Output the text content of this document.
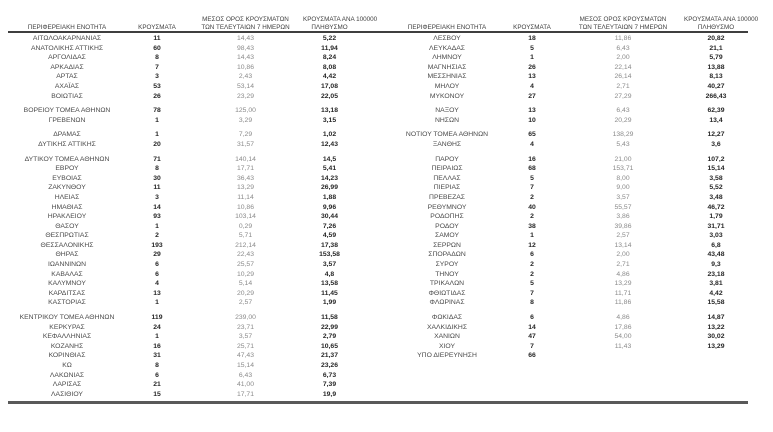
ΠΕΡΙΦΕΡΕΙΑΚΗ ΕΝΟΤΗΤΑ	ΚΡΟΥΣΜΑΤΑ
ΜΕΣΟΣ ΟΡΟΣ ΚΡΟΥΣΜΑΤΩΝ
ΤΩΝ ΤΕΛΕΥΤΑΙΩΝ 7 ΗΜΕΡΩΝ
ΚΡΟΥΣΜΑΤΑ ΑΝΑ 100000
ΠΛΗΘΥΣΜΟ
ΑΙΤΩΛΟΑΚΑΡΝΑΝΙΑΣ	11	14,43	5,22
ΑΝΑΤΟΛΙΚΗΣ ΑΤΤΙΚΗΣ	60	98,43	11,94
ΑΡΓΟΛΙΔΑΣ	8	14,43	8,24
ΑΡΚΑΔΙΑΣ	7	10,86	8,08
ΑΡΤΑΣ	3	2,43	4,42
ΑΧΑΪΑΣ	53	53,14	17,08
ΒΟΙΩΤΙΑΣ	26	23,29	22,05
ΒΟΡΕΙΟΥ ΤΟΜΕΑ ΑΘΗΝΩΝ	78	125,00	13,18
ΓΡΕΒΕΝΩΝ	1	3,29	3,15
ΔΡΑΜΑΣ	1	7,29	1,02
ΔΥΤΙΚΗΣ ΑΤΤΙΚΗΣ	20	31,57	12,43
ΔΥΤΙΚΟΥ ΤΟΜΕΑ ΑΘΗΝΩΝ	71	140,14	14,5
ΕΒΡΟΥ	8	17,71	5,41
ΕΥΒΟΙΑΣ	30	36,43	14,23
ΖΑΚΥΝΘΟΥ	11	13,29	26,99
ΗΛΕΙΑΣ	3	11,14	1,88
ΗΜΑΘΙΑΣ	14	10,86	9,96
ΗΡΑΚΛΕΙΟΥ	93	103,14	30,44
ΘΑΣΟΥ	1	0,29	7,26
ΘΕΣΠΡΩΤΙΑΣ	2	5,71	4,59
ΘΕΣΣΑΛΟΝΙΚΗΣ	193	212,14	17,38
ΘΗΡΑΣ	29	22,43	153,58
ΙΩΑΝΝΙΝΩΝ	6	25,57	3,57
ΚΑΒΑΛΑΣ	6	10,29	4,8
ΚΑΛΥΜΝΟΥ	4	5,14	13,58
ΚΑΡΔΙΤΣΑΣ	13	20,29	11,45
ΚΑΣΤΟΡΙΑΣ	1	2,57	1,99
ΚΕΝΤΡΙΚΟΥ ΤΟΜΕΑ ΑΘΗΝΩΝ	119	239,00	11,58
ΚΕΡΚΥΡΑΣ	24	23,71	22,99
ΚΕΦΑΛΛΗΝΙΑΣ	1	3,57	2,79
ΚΟΖΑΝΗΣ	16	25,71	10,65
ΚΟΡΙΝΘΙΑΣ	31	47,43	21,37
ΚΩ	8	15,14	23,26
ΛΑΚΩΝΙΑΣ	6	6,43	6,73
ΛΑΡΙΣΑΣ	21	41,00	7,39
ΛΑΣΙΘΙΟΥ	15	17,71	19,9
ΠΕΡΙΦΕΡΕΙΑΚΗ ΕΝΟΤΗΤΑ	ΚΡΟΥΣΜΑΤΑ
ΜΕΣΟΣ ΟΡΟΣ ΚΡΟΥΣΜΑΤΩΝ
ΤΩΝ ΤΕΛΕΥΤΑΙΩΝ 7 ΗΜΕΡΩΝ
ΚΡΟΥΣΜΑΤΑ ΑΝΑ 100000
ΠΛΗΘΥΣΜΟ
ΛΕΣΒΟΥ	18	11,86	20,82
ΛΕΥΚΑΔΑΣ	5	6,43	21,1
ΛΗΜΝΟΥ	1	2,00	5,79
ΜΑΓΝΗΣΙΑΣ	26	22,14	13,88
ΜΕΣΣΗΝΙΑΣ	13	26,14	8,13
ΜΗΛΟΥ	4	2,71	40,27
ΜΥΚΟΝΟΥ	27	27,29	266,43
ΝΑΞΟΥ	13	6,43	62,39
ΝΗΣΩΝ	10	20,29	13,4
ΝΟΤΙΟΥ ΤΟΜΕΑ ΑΘΗΝΩΝ	65	138,29	12,27
ΞΑΝΘΗΣ	4	5,43	3,6
ΠΑΡΟΥ	16	21,00	107,2
ΠΕΙΡΑΙΩΣ	68	153,71	15,14
ΠΕΛΛΑΣ	5	8,00	3,58
ΠΙΕΡΙΑΣ	7	9,00	5,52
ΠΡΕΒΕΖΑΣ	2	3,57	3,48
ΡΕΘΥΜΝΟΥ	40	55,57	46,72
ΡΟΔΟΠΗΣ	2	3,86	1,79
ΡΟΔΟΥ	38	39,86	31,71
ΣΑΜΟΥ	1	2,57	3,03
ΣΕΡΡΩΝ	12	13,14	6,8
ΣΠΟΡΑΔΩΝ	6	2,00	43,48
ΣΥΡΟΥ	2	2,71	9,3
ΤΗΝΟΥ	2	4,86	23,18
ΤΡΙΚΑΛΩΝ	5	13,29	3,81
ΦΘΙΩΤΙΔΑΣ	7	11,71	4,42
ΦΛΩΡΙΝΑΣ	8	11,86	15,58
ΦΩΚΙΔΑΣ	6	4,86	14,87
ΧΑΛΚΙΔΙΚΗΣ	14	17,86	13,22
ΧΑΝΙΩΝ	47	54,00	30,02
ΧΙΟΥ	7	11,43	13,29
ΥΠΟ ΔΙΕΡΕΥΝΗΣΗ	66
